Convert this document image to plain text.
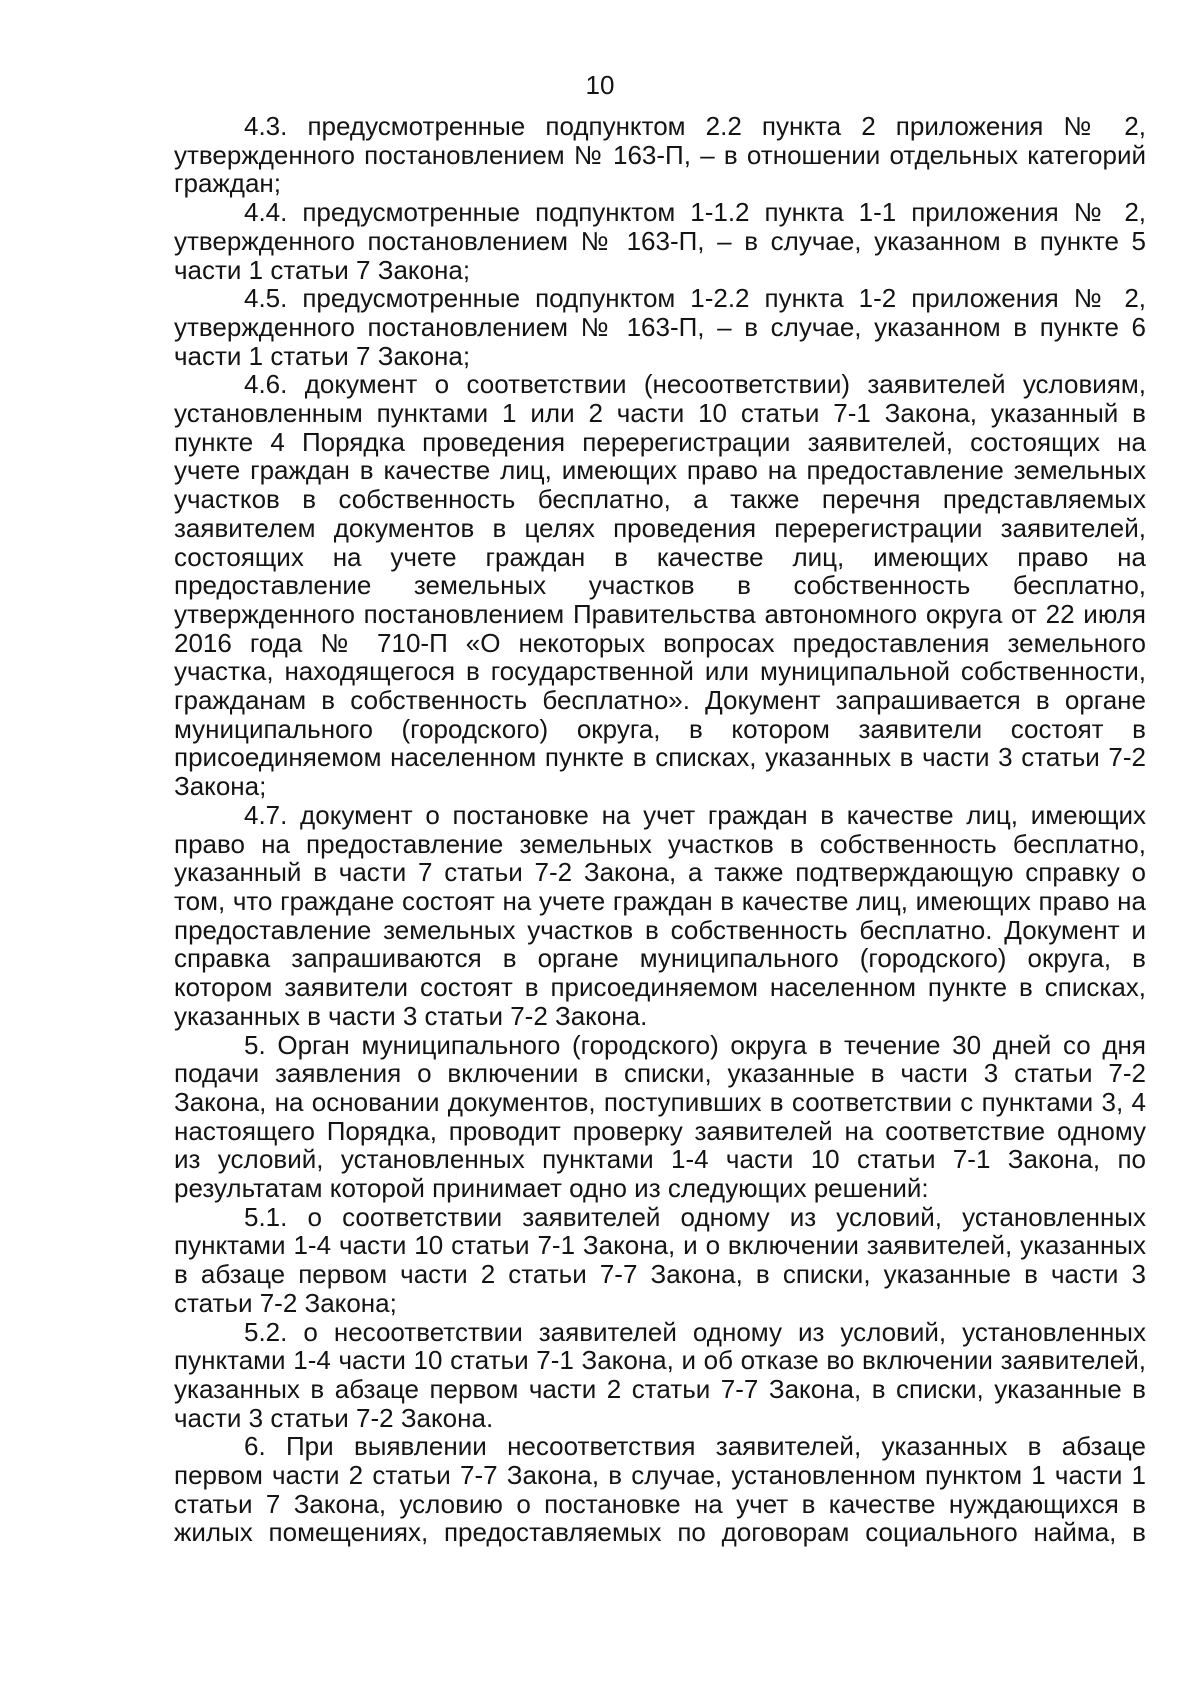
10

4.3. предусмотренные подпунктом 2.2 пункта 2 приложения № 2, утвержденного постановлением № 163-П, – в отношении отдельных категорий граждан;

4.4. предусмотренные подпунктом 1-1.2 пункта 1-1 приложения № 2, утвержденного постановлением № 163-П, – в случае, указанном в пункте 5 части 1 статьи 7 Закона;

4.5. предусмотренные подпунктом 1-2.2 пункта 1-2 приложения № 2, утвержденного постановлением № 163-П, – в случае, указанном в пункте 6 части 1 статьи 7 Закона;

4.6. документ о соответствии (несоответствии) заявителей условиям, установленным пунктами 1 или 2 части 10 статьи 7-1 Закона, указанный в пункте 4 Порядка проведения перерегистрации заявителей, состоящих на учете граждан в качестве лиц, имеющих право на предоставление земельных участков в собственность бесплатно, а также перечня представляемых заявителем документов в целях проведения перерегистрации заявителей, состоящих на учете граждан в качестве лиц, имеющих право на предоставление земельных участков в собственность бесплатно, утвержденного постановлением Правительства автономного округа от 22 июля 2016 года № 710-П «О некоторых вопросах предоставления земельного участка, находящегося в государственной или муниципальной собственности, гражданам в собственность бесплатно». Документ запрашивается в органе муниципального (городского) округа, в котором заявители состоят в присоединяемом населенном пункте в списках, указанных в части 3 статьи 7-2 Закона;

4.7. документ о постановке на учет граждан в качестве лиц, имеющих право на предоставление земельных участков в собственность бесплатно, указанный в части 7 статьи 7-2 Закона, а также подтверждающую справку о том, что граждане состоят на учете граждан в качестве лиц, имеющих право на предоставление земельных участков в собственность бесплатно. Документ и справка запрашиваются в органе муниципального (городского) округа, в котором заявители состоят в присоединяемом населенном пункте в списках, указанных в части 3 статьи 7-2 Закона.

5. Орган муниципального (городского) округа в течение 30 дней со дня подачи заявления о включении в списки, указанные в части 3 статьи 7-2 Закона, на основании документов, поступивших в соответствии с пунктами 3, 4 настоящего Порядка, проводит проверку заявителей на соответствие одному из условий, установленных пунктами 1-4 части 10 статьи 7-1 Закона, по результатам которой принимает одно из следующих решений:

5.1. о соответствии заявителей одному из условий, установленных пунктами 1-4 части 10 статьи 7-1 Закона, и о включении заявителей, указанных в абзаце первом части 2 статьи 7-7 Закона, в списки, указанные в части 3 статьи 7-2 Закона;

5.2. о несоответствии заявителей одному из условий, установленных пунктами 1-4 части 10 статьи 7-1 Закона, и об отказе во включении заявителей, указанных в абзаце первом части 2 статьи 7-7 Закона, в списки, указанные в части 3 статьи 7-2 Закона.

6. При выявлении несоответствия заявителей, указанных в абзаце первом части 2 статьи 7-7 Закона, в случае, установленном пунктом 1 части 1 статьи 7 Закона, условию о постановке на учет в качестве нуждающихся в жилых помещениях, предоставляемых по договорам социального найма, в
